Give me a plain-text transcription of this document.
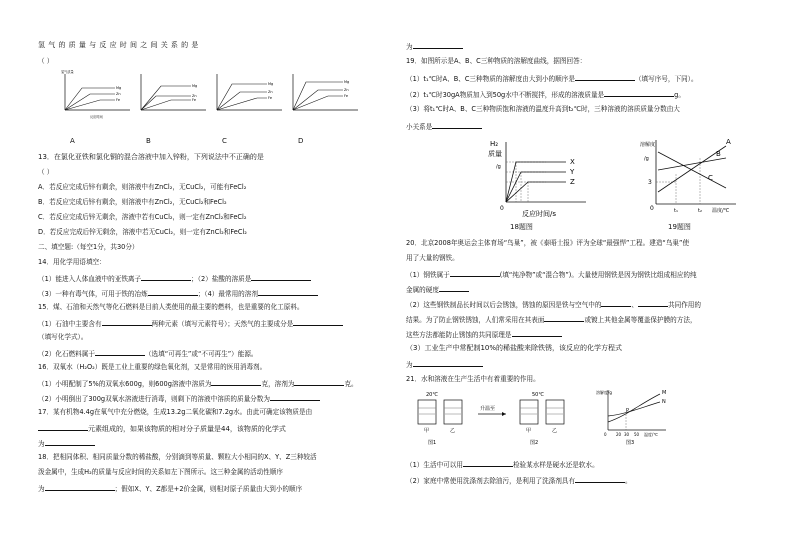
氢 气 的 质 量 与 反 应 时 间 之 间 关 系 的 是
（ ）
Mg
Zn
Fe
Mg
Zn
Fe
Mg
Zn
Fe
Mg
Zn
Fe
反应时间
氢气质量
A	B	C	D
13．在氯化亚铁和氯化铜的混合溶液中加入锌粉，下列说法中不正确的是
（ ）
A．若反应完成后锌有剩余，则溶液中有ZnCl₂，无CuCl₂，可能有FeCl₂
B．若反应完成后锌有剩余，则溶液中有ZnCl₂，无CuCl₂和FeCl₂
C．若反应完成后锌无剩余，溶液中若有CuCl₂，则一定有ZnCl₂和FeCl₂
D．若反应完成后锌无剩余，溶液中若无CuCl₂，则一定有ZnCl₂和FeCl₂
二、填空题:（每空1分，共30分）
14．用化学用语填空：
（1）能进入人体血液中的亚铁离子	；（2）盐酸的溶质是
（3）一种有毒气体，可用于铁的冶炼	；（4）最常用的溶剂
15．煤、石油和天然气等化石燃料是目前人类使用的最主要的燃料，也是重要的化工原料。
（1）石油中主要含有	两种元素（填写元素符号）；天然气的主要成分是
（填写化学式）。
（2）化石燃料属于	（选填“可再生”或“不可再生”）能源。
16．双氧水（H₂O₂）既是工业上重要的绿色氧化剂，又是常用的医用消毒剂。
（1）小明配制了5%的双氧水600g，则600g溶液中溶质为	克，溶剂为	克。
（2）小明倒出了300g双氧水溶液进行消毒，则剩下的溶液中溶质的质量分数为
17．某有机物4.4g在氧气中充分燃烧，生成13.2g二氧化碳和7.2g水。由此可确定该物质是由
元素组成的，如果该物质的相对分子质量是44，该物质的化学式
为
18．把相同体积、相同质量分数的稀盐酸，分别滴到等质量、颗粒大小相同的X、Y、Z三种较活
泼金属中，生成H₂的质量与反应时间的关系如左下图所示。这三种金属的活动性顺序
为	；假如X、Y、Z都是+2价金属，则相对原子质量由大到小的顺序
为
19．如图所示是A、B、C三种物质的溶解度曲线，据图回答：
（1）t₁℃时A、B、C三种物质的溶解度由大到小的顺序是	（填写序号，下同）。
（2）t₁℃时30gA物质加入到50g水中不断搅拌，形成的溶液质量是	g。
（3）将t₁℃时A、B、C三种物质饱和溶液的温度升高到t₂℃时，三种溶液的溶质质量分数由大
小关系是
X
Y
Z
H₂
质量
/g
0
反应时间/s
18题图
A
B
C
溶解度
/g
3
0	t₁	t₂ 温度/℃
19题图
20．北京2008年奥运会主体育场“鸟巢”，被《泰晤士报》评为全球“最强悍”工程。建造“鸟巢”使
用了大量的钢铁。
（1）钢铁属于	(填“纯净物”或“混合物”)。大量使用钢铁是因为钢铁比组成相应的纯
金属的硬度
（2）这些钢铁制品长时间以后会锈蚀，锈蚀的原因是铁与空气中的	、	共同作用的
结果。为了防止钢铁锈蚀，人们常采用在其表面	或镀上其他金属等覆盖保护膜的方法，
这些方法都能防止锈蚀的共同原理是
（3）工业生产中常配制10%的稀盐酸来除铁锈，该反应的化学方程式
为
21．水和溶液在生产生活中有着重要的作用。
20℃
甲	乙
升温至
50℃
甲	乙
图1	图2
M
N
P
溶解度/g
0 20 30 50 温度/℃
图3
（1）生活中可以用	检验某水样是硬水还是软水。
（2）家庭中常使用洗涤剂去除油污，是利用了洗涤剂具有	。
